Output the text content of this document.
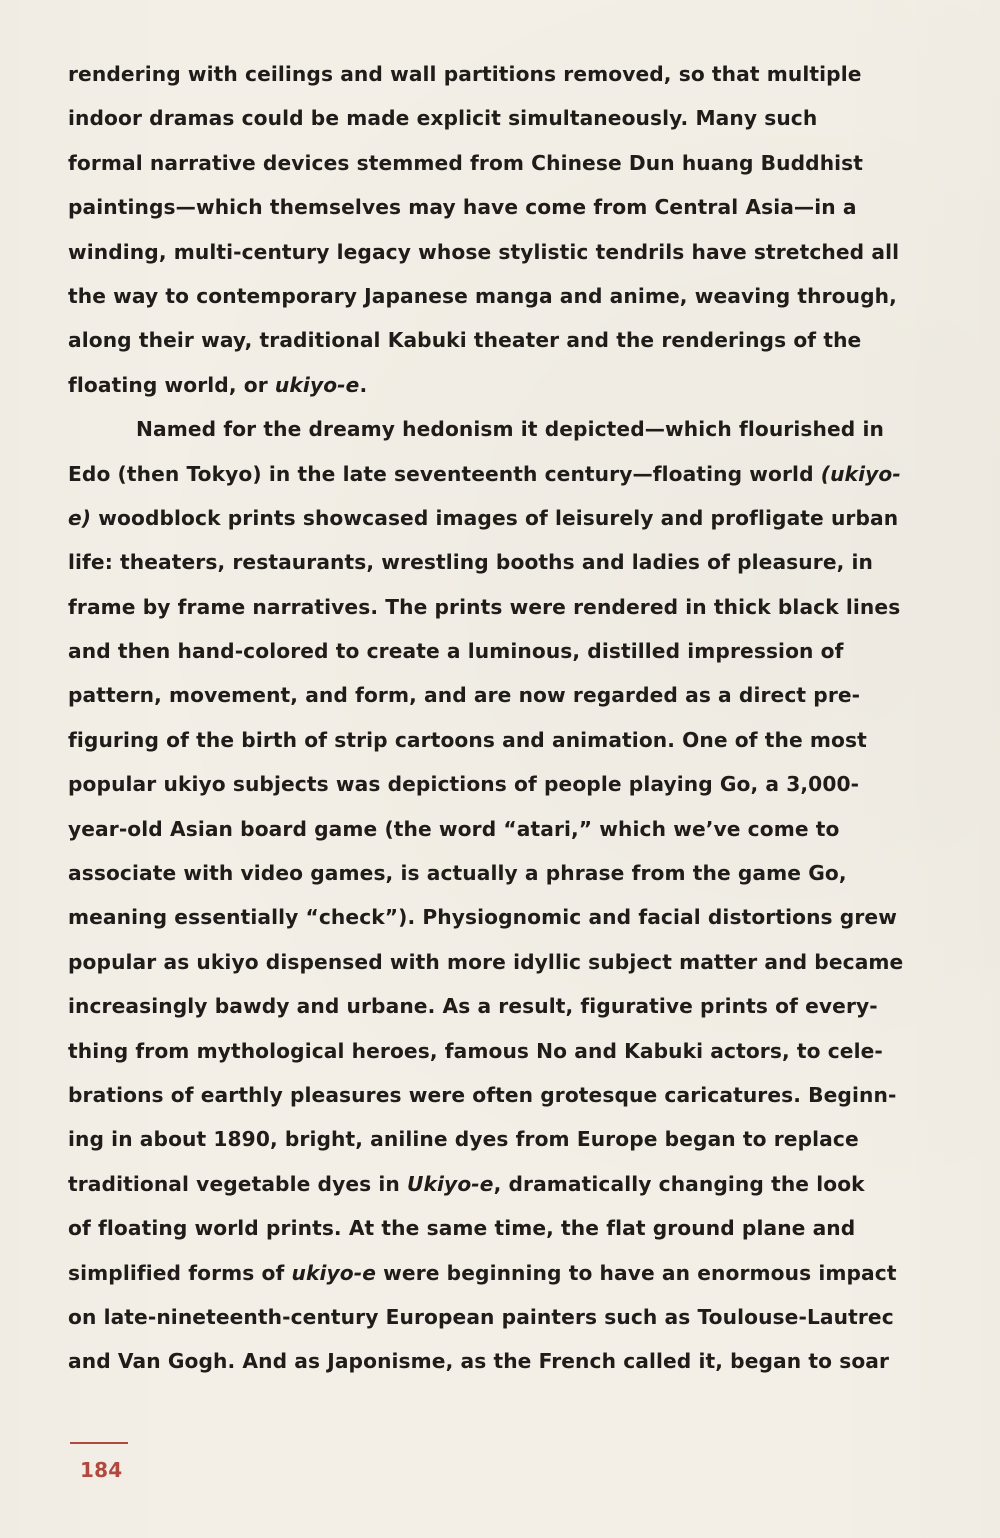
rendering with ceilings and wall partitions removed, so that multiple
indoor dramas could be made explicit simultaneously. Many such
formal narrative devices stemmed from Chinese Dun huang Buddhist
paintings—which themselves may have come from Central Asia—in a
winding, multi-century legacy whose stylistic tendrils have stretched all
the way to contemporary Japanese manga and anime, weaving through,
along their way, traditional Kabuki theater and the renderings of the
floating world, or ukiyo-e.
Named for the dreamy hedonism it depicted—which flourished in
Edo (then Tokyo) in the late seventeenth century—floating world (ukiyo-
e) woodblock prints showcased images of leisurely and profligate urban
life: theaters, restaurants, wrestling booths and ladies of pleasure, in
frame by frame narratives. The prints were rendered in thick black lines
and then hand-colored to create a luminous, distilled impression of
pattern, movement, and form, and are now regarded as a direct pre-
figuring of the birth of strip cartoons and animation. One of the most
popular ukiyo subjects was depictions of people playing Go, a 3,000-
year-old Asian board game (the word “atari,” which we’ve come to
associate with video games, is actually a phrase from the game Go,
meaning essentially “check”). Physiognomic and facial distortions grew
popular as ukiyo dispensed with more idyllic subject matter and became
increasingly bawdy and urbane. As a result, figurative prints of every-
thing from mythological heroes, famous No and Kabuki actors, to cele-
brations of earthly pleasures were often grotesque caricatures. Beginn-
ing in about 1890, bright, aniline dyes from Europe began to replace
traditional vegetable dyes in Ukiyo-e, dramatically changing the look
of floating world prints. At the same time, the flat ground plane and
simplified forms of ukiyo-e were beginning to have an enormous impact
on late-nineteenth-century European painters such as Toulouse-Lautrec
and Van Gogh. And as Japonisme, as the French called it, began to soar
184
